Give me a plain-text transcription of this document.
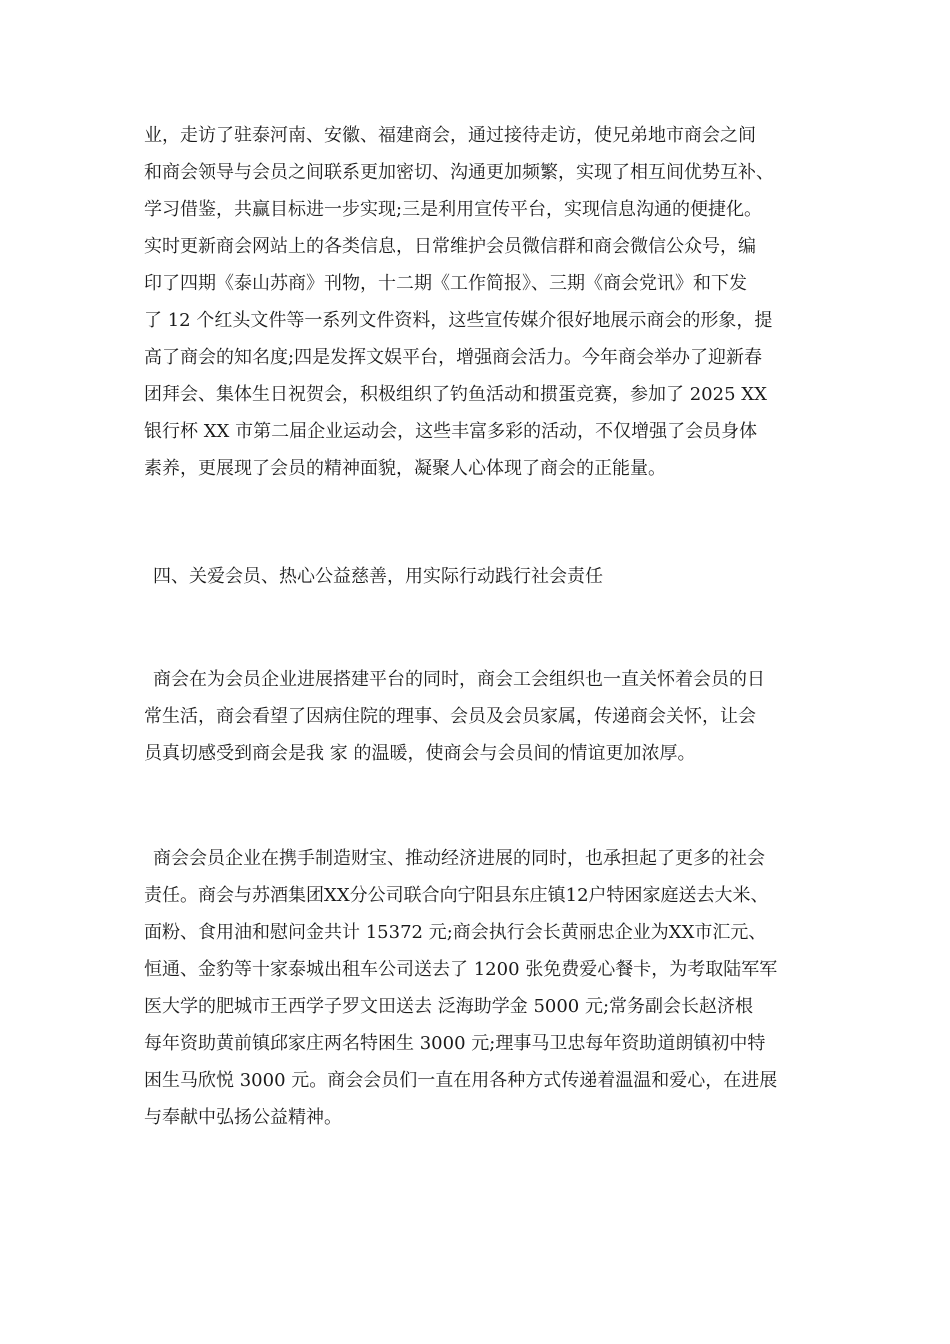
业，走访了驻泰河南、安徽、福建商会，通过接待走访，使兄弟地市商会之间
和商会领导与会员之间联系更加密切、沟通更加频繁，实现了相互间优势互补、
学习借鉴，共赢目标进一步实现;三是利用宣传平台，实现信息沟通的便捷化。
实时更新商会网站上的各类信息，日常维护会员微信群和商会微信公众号，编
印了四期《泰山苏商》刊物，十二期《工作简报》、三期《商会党讯》和下发
了 12 个红头文件等一系列文件资料，这些宣传媒介很好地展示商会的形象，提
高了商会的知名度;四是发挥文娱平台，增强商会活力。今年商会举办了迎新春
团拜会、集体生日祝贺会，积极组织了钓鱼活动和掼蛋竞赛，参加了 2025 XX
银行杯 XX 市第二届企业运动会，这些丰富多彩的活动，不仅增强了会员身体
素养，更展现了会员的精神面貌，凝聚人心体现了商会的正能量。
四、关爱会员、热心公益慈善，用实际行动践行社会责任
商会在为会员企业进展搭建平台的同时，商会工会组织也一直关怀着会员的日
常生活，商会看望了因病住院的理事、会员及会员家属，传递商会关怀，让会
员真切感受到商会是我 家 的温暖，使商会与会员间的情谊更加浓厚。
商会会员企业在携手制造财宝、推动经济进展的同时，也承担起了更多的社会
责任。商会与苏酒集团XX分公司联合向宁阳县东庄镇12户特困家庭送去大米、
面粉、食用油和慰问金共计 15372 元;商会执行会长黄丽忠企业为XX市汇元、
恒通、金豹等十家泰城出租车公司送去了 1200 张免费爱心餐卡，为考取陆军军
医大学的肥城市王西学子罗文田送去 泛海助学金 5000 元;常务副会长赵济根
每年资助黄前镇邱家庄两名特困生 3000 元;理事马卫忠每年资助道朗镇初中特
困生马欣悦 3000 元。商会会员们一直在用各种方式传递着温温和爱心，在进展
与奉献中弘扬公益精神。
